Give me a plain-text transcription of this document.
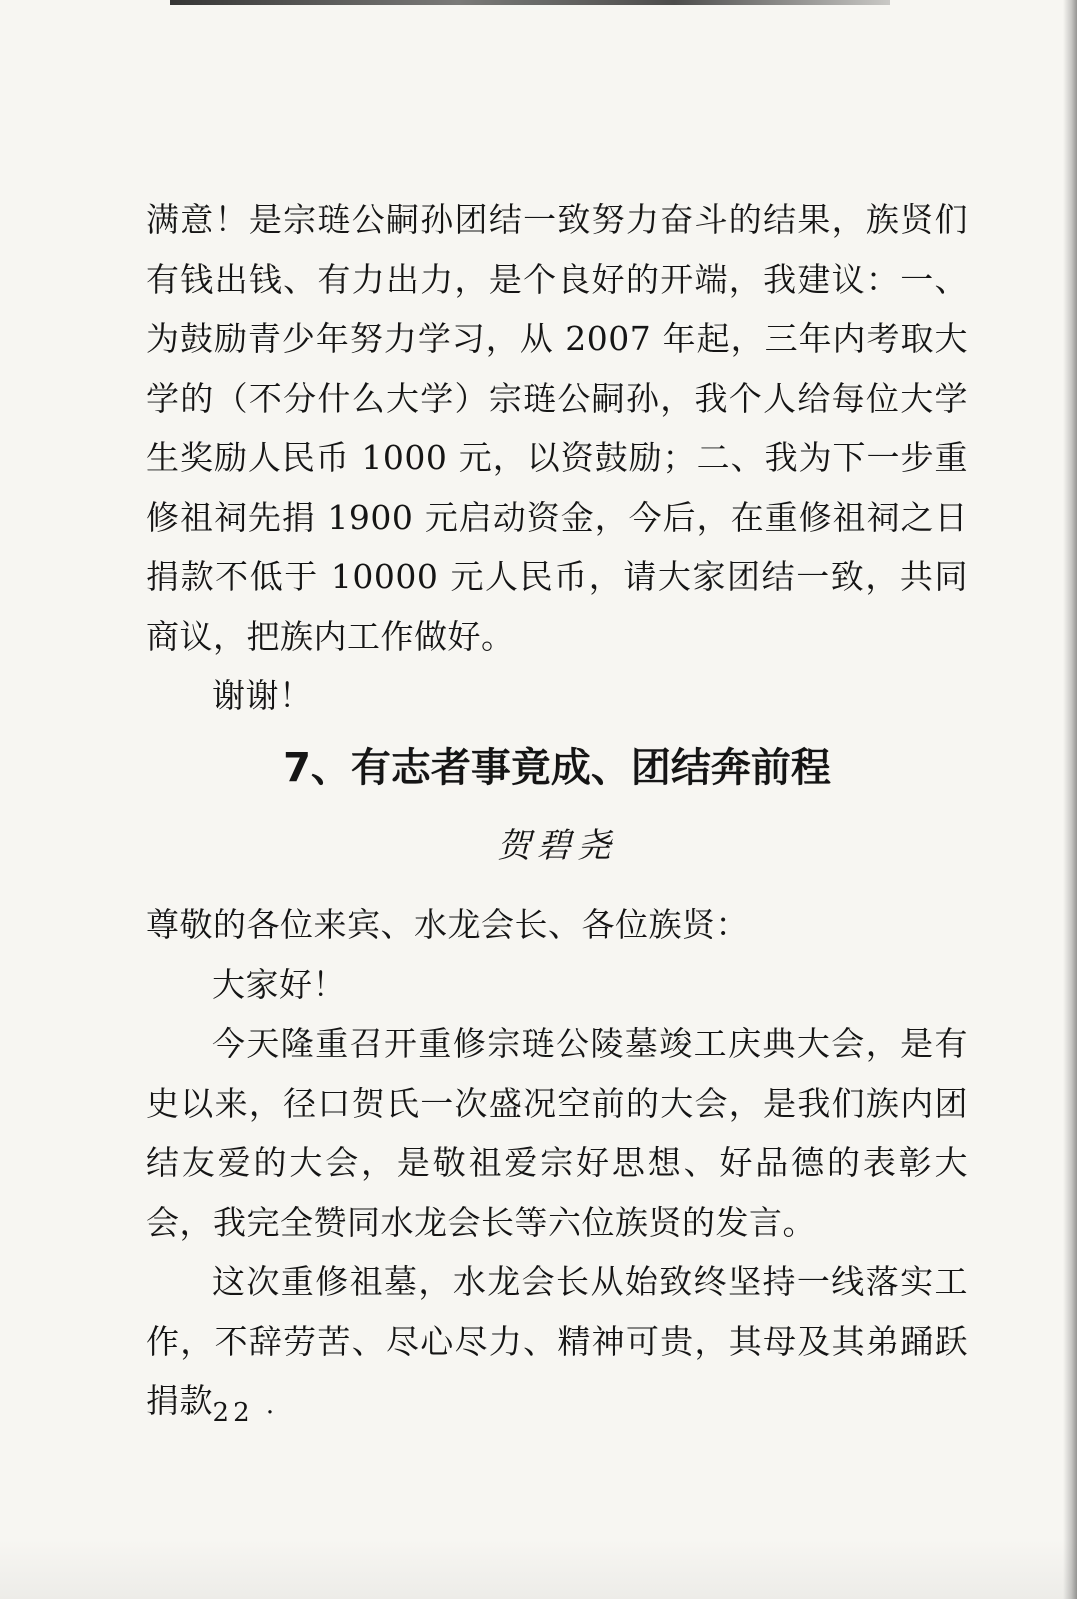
满意！是宗琏公嗣孙团结一致努力奋斗的结果，族贤们有钱出钱、有力出力，是个良好的开端，我建议：一、为鼓励青少年努力学习，从 2007 年起，三年内考取大学的（不分什么大学）宗琏公嗣孙，我个人给每位大学生奖励人民币 1000 元，以资鼓励；二、我为下一步重修祖祠先捐 1900 元启动资金，今后，在重修祖祠之日捐款不低于 10000 元人民币，请大家团结一致，共同商议，把族内工作做好。

谢谢！

7、有志者事竟成、团结奔前程

贺碧尧

尊敬的各位来宾、水龙会长、各位族贤：

大家好！

今天隆重召开重修宗琏公陵墓竣工庆典大会，是有史以来，径口贺氏一次盛况空前的大会，是我们族内团结友爱的大会，是敬祖爱宗好思想、好品德的表彰大会，我完全赞同水龙会长等六位族贤的发言。

这次重修祖墓，水龙会长从始致终坚持一线落实工作，不辞劳苦、尽心尽力、精神可贵，其母及其弟踊跃捐款

· 22 ·
